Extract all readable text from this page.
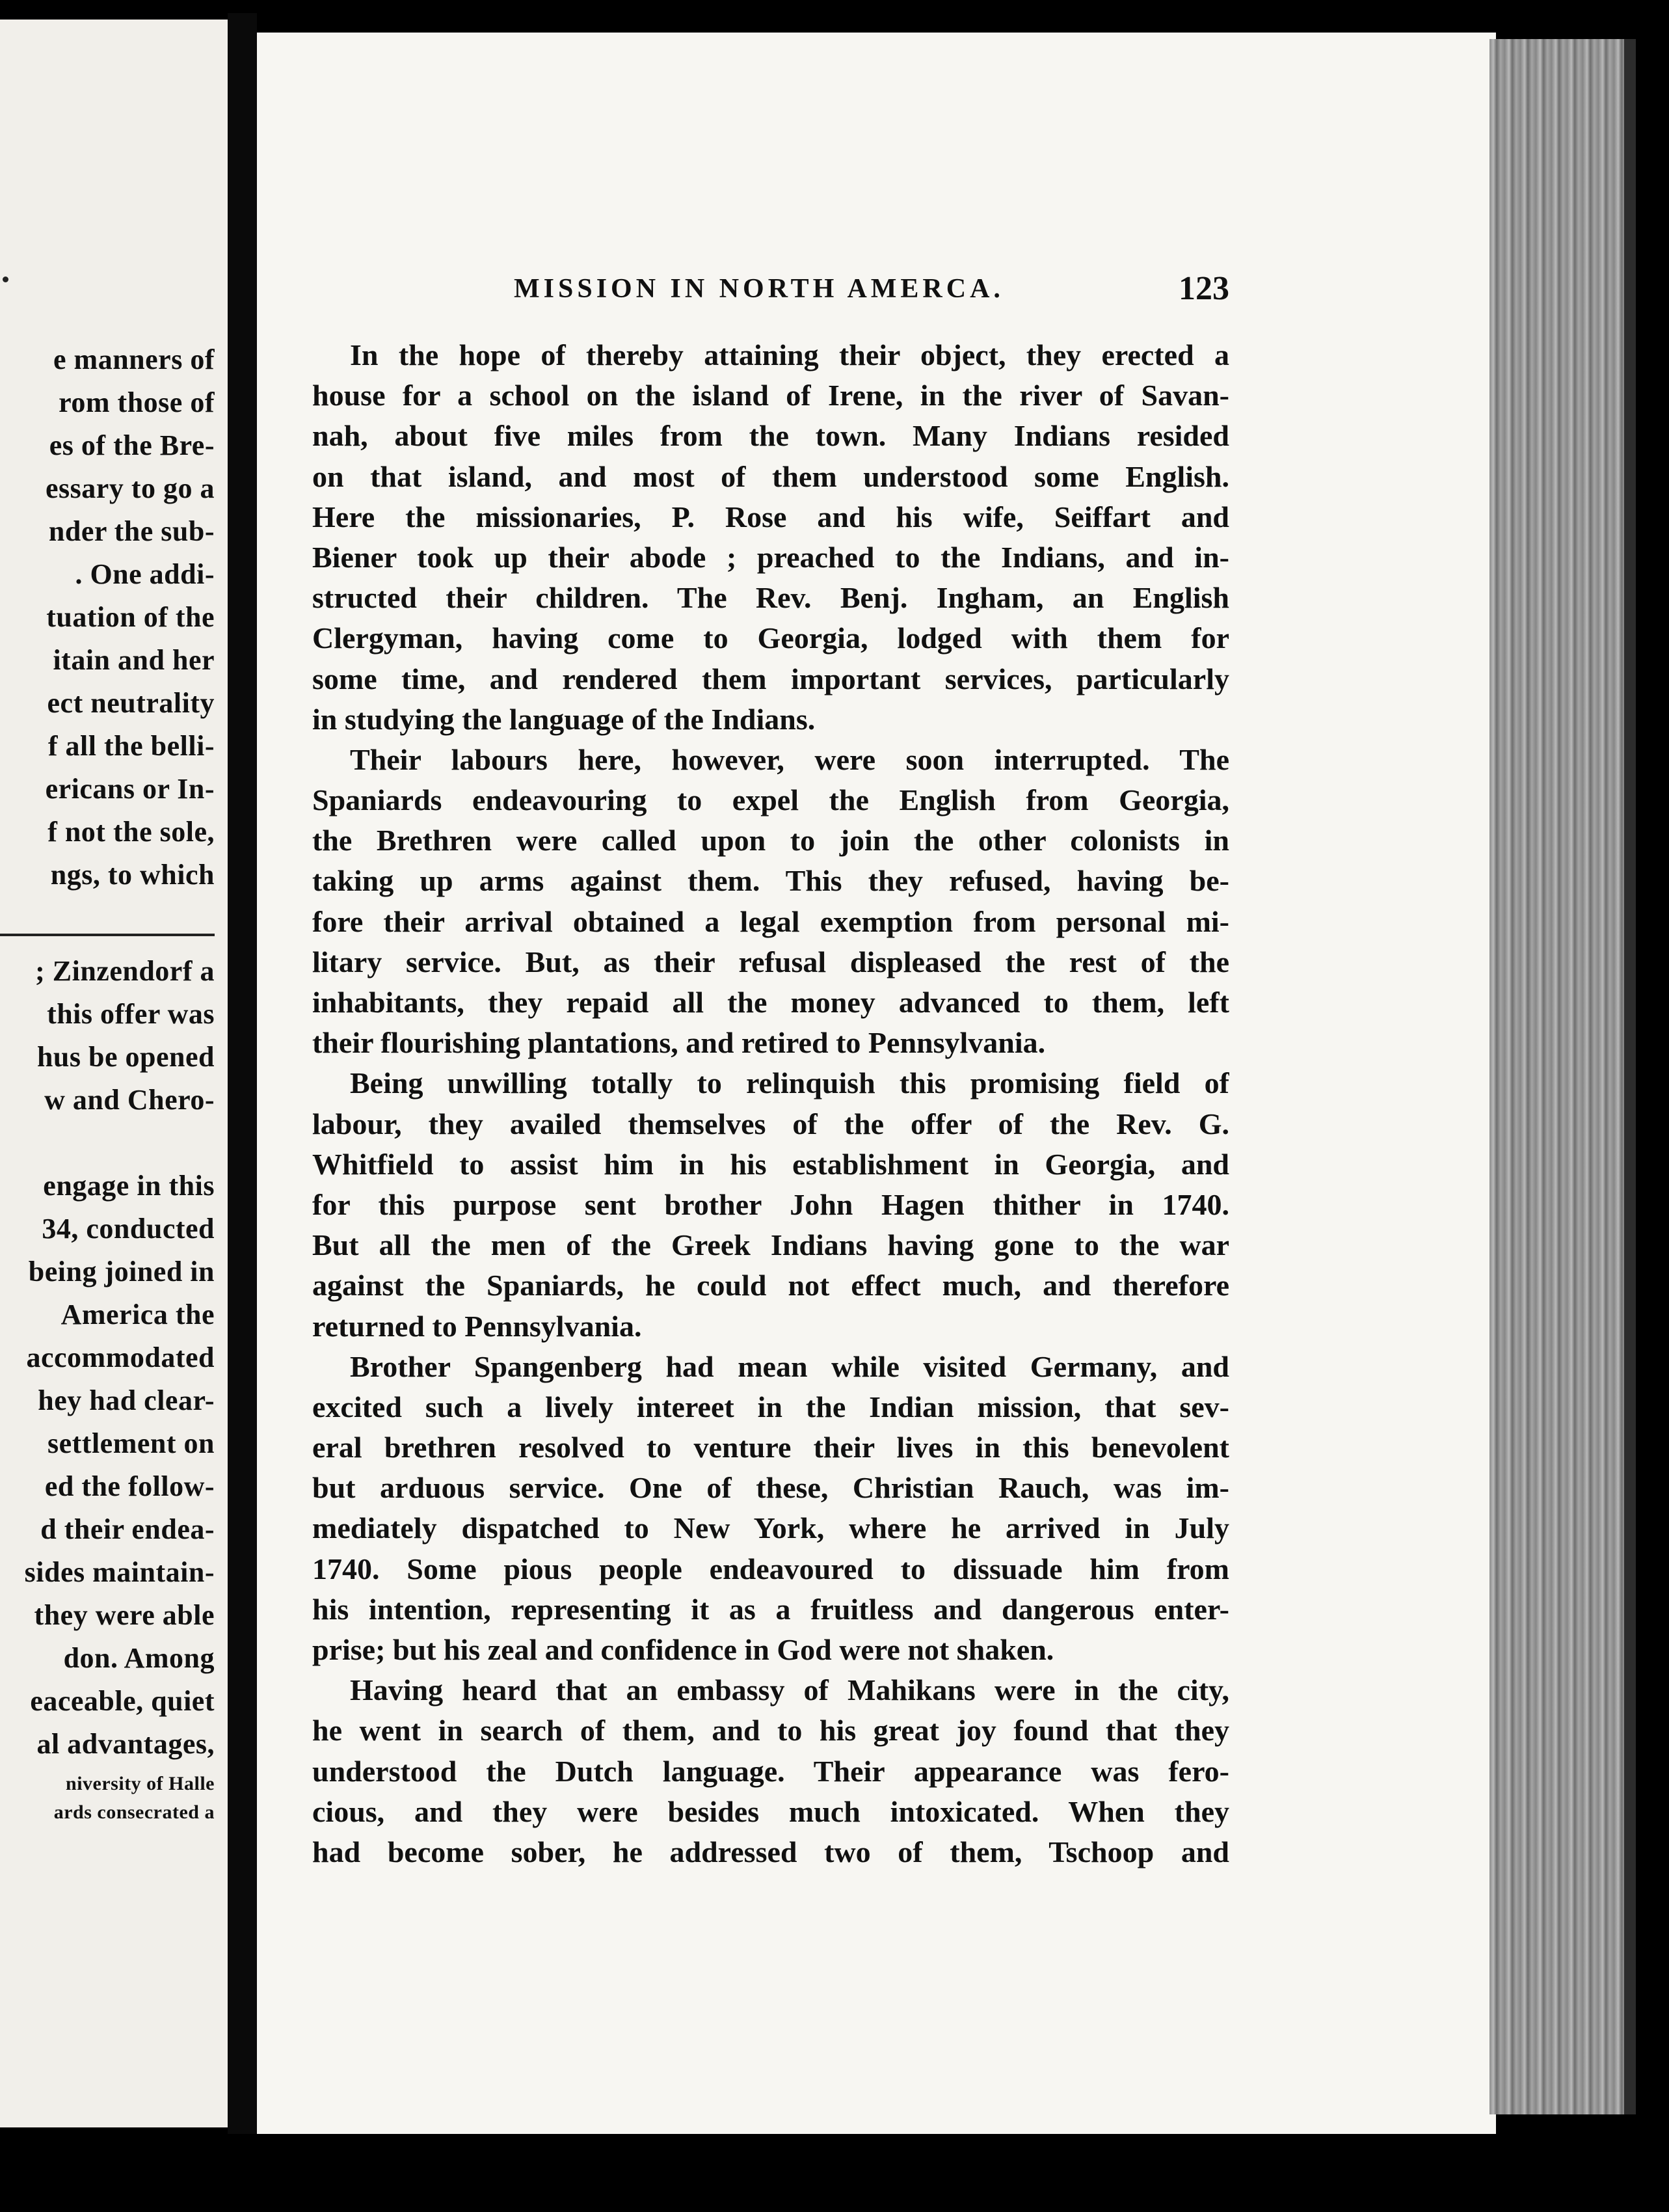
e manners of
rom those of
es of the Bre-
essary to go a
nder the sub-
. One addi-
tuation of the
itain and her
ect neutrality
f all the belli-
ericans or In-
f not the sole,
ngs, to which
; Zinzendorf a
this offer was
hus be opened
w and Chero-
engage in this
34, conducted
being joined in
America the
accommodated
hey had clear-
settlement on
ed the follow-
d their endea-
sides maintain-
they were able
don. Among
eaceable, quiet
al advantages,
niversity of Halle
ards consecrated a
MISSION IN NORTH AMERCA.	123
In the hope of thereby attaining their object, they erected a
house for a school on the island of Irene, in the river of Savan-
nah, about five miles from the town. Many Indians resided
on that island, and most of them understood some English.
Here the missionaries, P. Rose and his wife, Seiffart and
Biener took up their abode ; preached to the Indians, and in-
structed their children. The Rev. Benj. Ingham, an English
Clergyman, having come to Georgia, lodged with them for
some time, and rendered them important services, particularly
in studying the language of the Indians.
Their labours here, however, were soon interrupted. The
Spaniards endeavouring to expel the English from Georgia,
the Brethren were called upon to join the other colonists in
taking up arms against them. This they refused, having be-
fore their arrival obtained a legal exemption from personal mi-
litary service. But, as their refusal displeased the rest of the
inhabitants, they repaid all the money advanced to them, left
their flourishing plantations, and retired to Pennsylvania.
Being unwilling totally to relinquish this promising field of
labour, they availed themselves of the offer of the Rev. G.
Whitfield to assist him in his establishment in Georgia, and
for this purpose sent brother John Hagen thither in 1740.
But all the men of the Greek Indians having gone to the war
against the Spaniards, he could not effect much, and therefore
returned to Pennsylvania.
Brother Spangenberg had mean while visited Germany, and
excited such a lively intereet in the Indian mission, that sev-
eral brethren resolved to venture their lives in this benevolent
but arduous service. One of these, Christian Rauch, was im-
mediately dispatched to New York, where he arrived in July
1740. Some pious people endeavoured to dissuade him from
his intention, representing it as a fruitless and dangerous enter-
prise; but his zeal and confidence in God were not shaken.
Having heard that an embassy of Mahikans were in the city,
he went in search of them, and to his great joy found that they
understood the Dutch language. Their appearance was fero-
cious, and they were besides much intoxicated. When they
had become sober, he addressed two of them, Tschoop and
